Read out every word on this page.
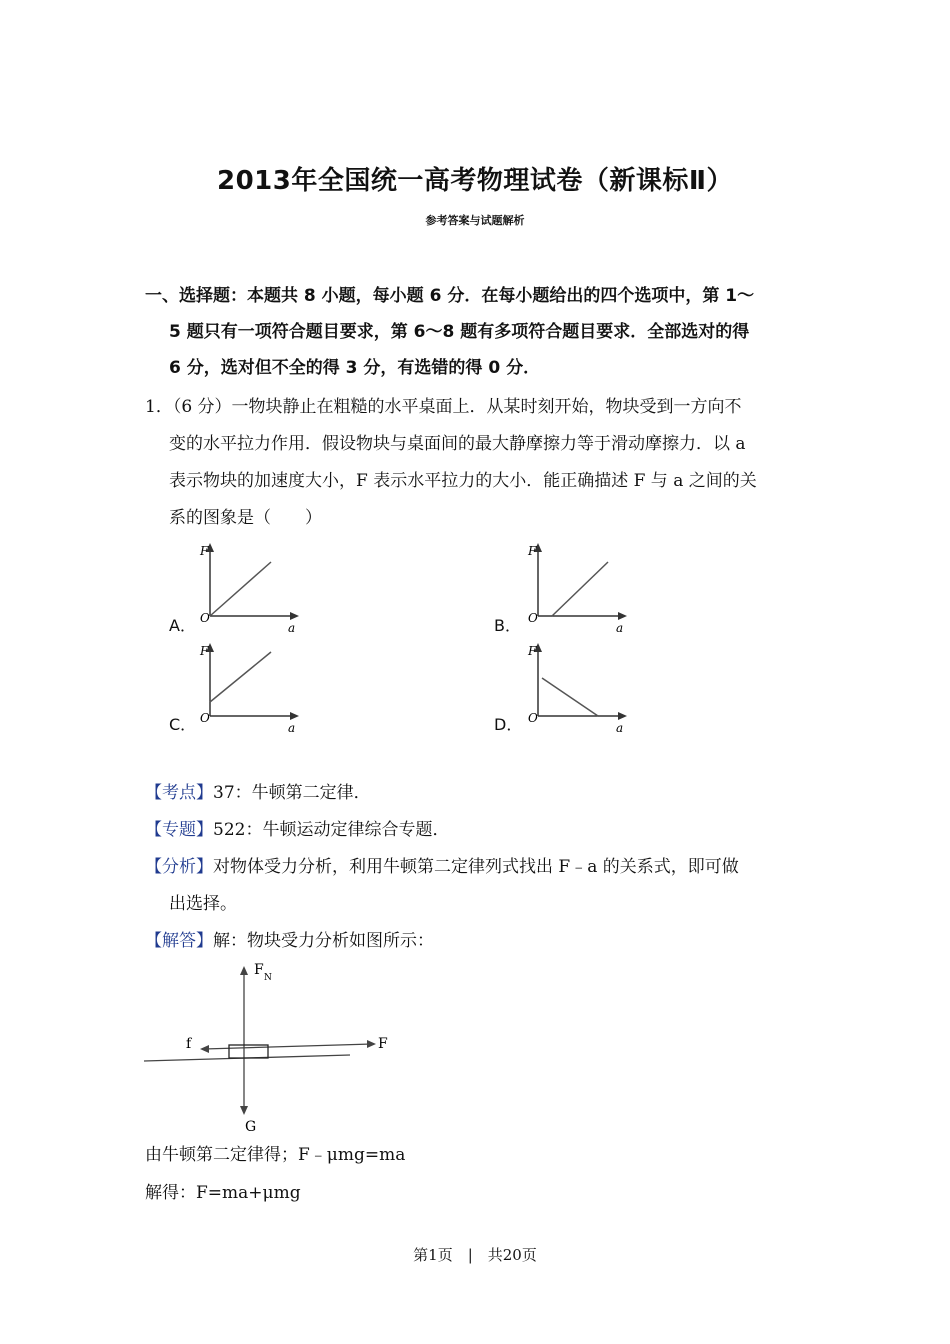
2013年全国统一高考物理试卷（新课标Ⅱ）
参考答案与试题解析
一、选择题：本题共 8 小题，每小题 6 分．在每小题给出的四个选项中，第 1～
5 题只有一项符合题目要求，第 6～8 题有多项符合题目要求．全部选对的得
6 分，选对但不全的得 3 分，有选错的得 0 分．
1．（6 分）一物块静止在粗糙的水平桌面上．从某时刻开始，物块受到一方向不
变的水平拉力作用．假设物块与桌面间的最大静摩擦力等于滑动摩擦力．以 a
表示物块的加速度大小，F 表示水平拉力的大小．能正确描述 F 与 a 之间的关
系的图象是（　　）
A．	B．
C．	D．
F
O
a
F
O
a
F
O
a
F
O
a
【考点】37：牛顿第二定律．
【专题】522：牛顿运动定律综合专题．
【分析】对物体受力分析，利用牛顿第二定律列式找出 F﹣a 的关系式，即可做
出选择。
【解答】解：物块受力分析如图所示：
F N
f	F
G
由牛顿第二定律得；F﹣μmg=ma
解得：F=ma+μmg
第1页　|　共20页
